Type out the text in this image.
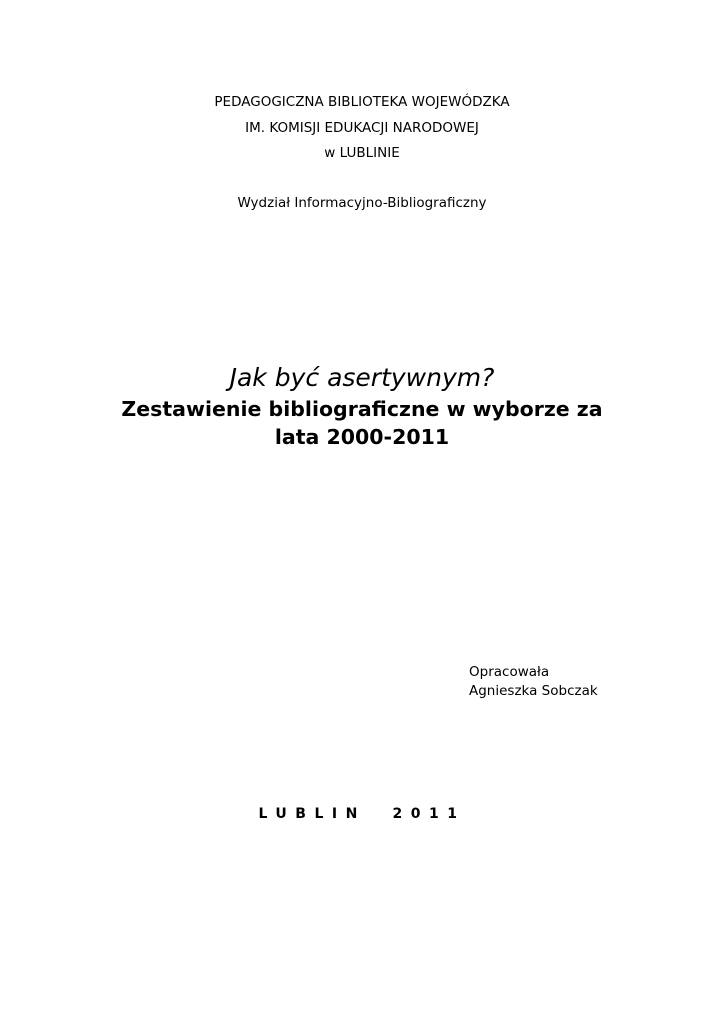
PEDAGOGICZNA BIBLIOTEKA WOJEWÓDZKA
IM. KOMISJI EDUKACJI NARODOWEJ
w LUBLINIE
Wydział Informacyjno-Bibliograficzny
Jak być asertywnym?
Zestawienie bibliograficzne w wyborze za
lata 2000-2011
Opracowała
Agnieszka Sobczak
LUBLIN  2011
